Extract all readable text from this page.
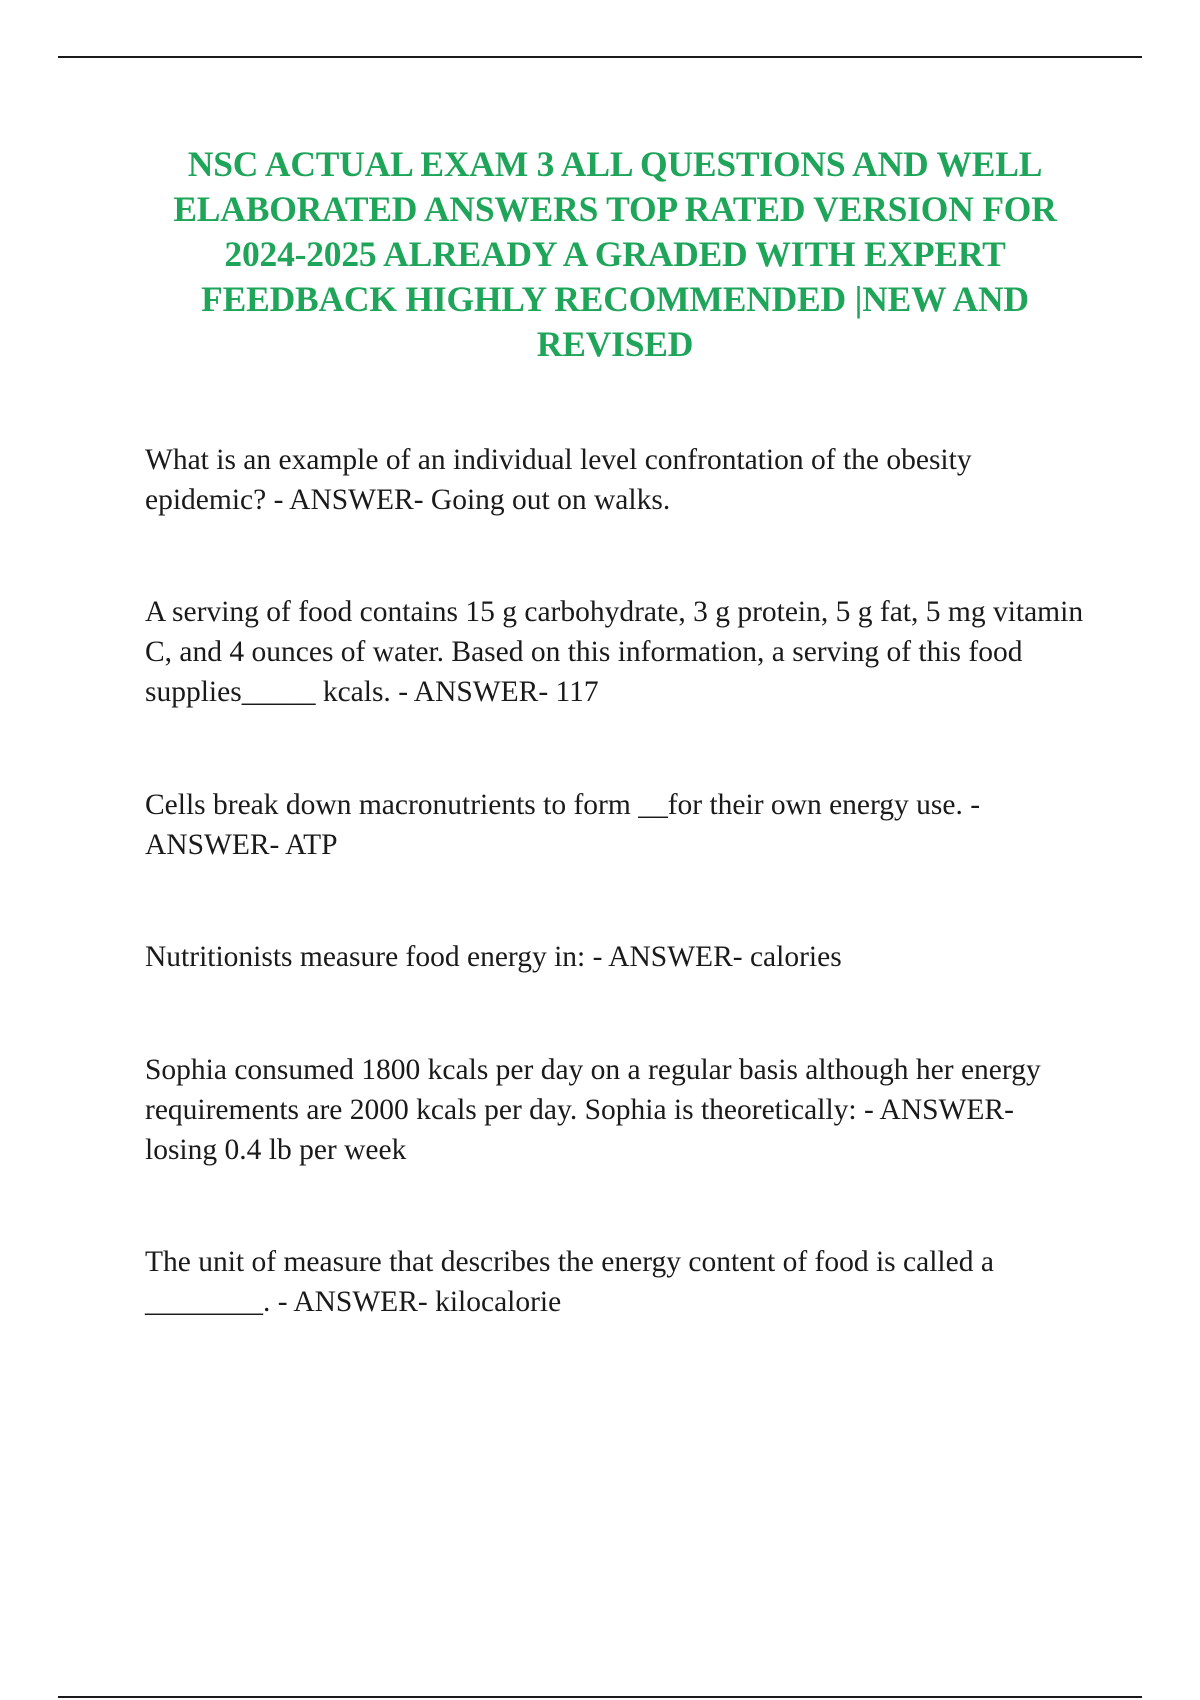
NSC ACTUAL EXAM 3 ALL QUESTIONS AND WELL ELABORATED ANSWERS TOP RATED VERSION FOR 2024-2025 ALREADY A GRADED WITH EXPERT FEEDBACK HIGHLY RECOMMENDED |NEW AND REVISED

What is an example of an individual level confrontation of the obesity epidemic? - ANSWER- Going out on walks.

A serving of food contains 15 g carbohydrate, 3 g protein, 5 g fat, 5 mg vitamin C, and 4 ounces of water. Based on this information, a serving of this food supplies_____ kcals. - ANSWER- 117

Cells break down macronutrients to form __for their own energy use. - ANSWER- ATP

Nutritionists measure food energy in: - ANSWER- calories

Sophia consumed 1800 kcals per day on a regular basis although her energy requirements are 2000 kcals per day. Sophia is theoretically: - ANSWER- losing 0.4 lb per week

The unit of measure that describes the energy content of food is called a ________. - ANSWER- kilocalorie
